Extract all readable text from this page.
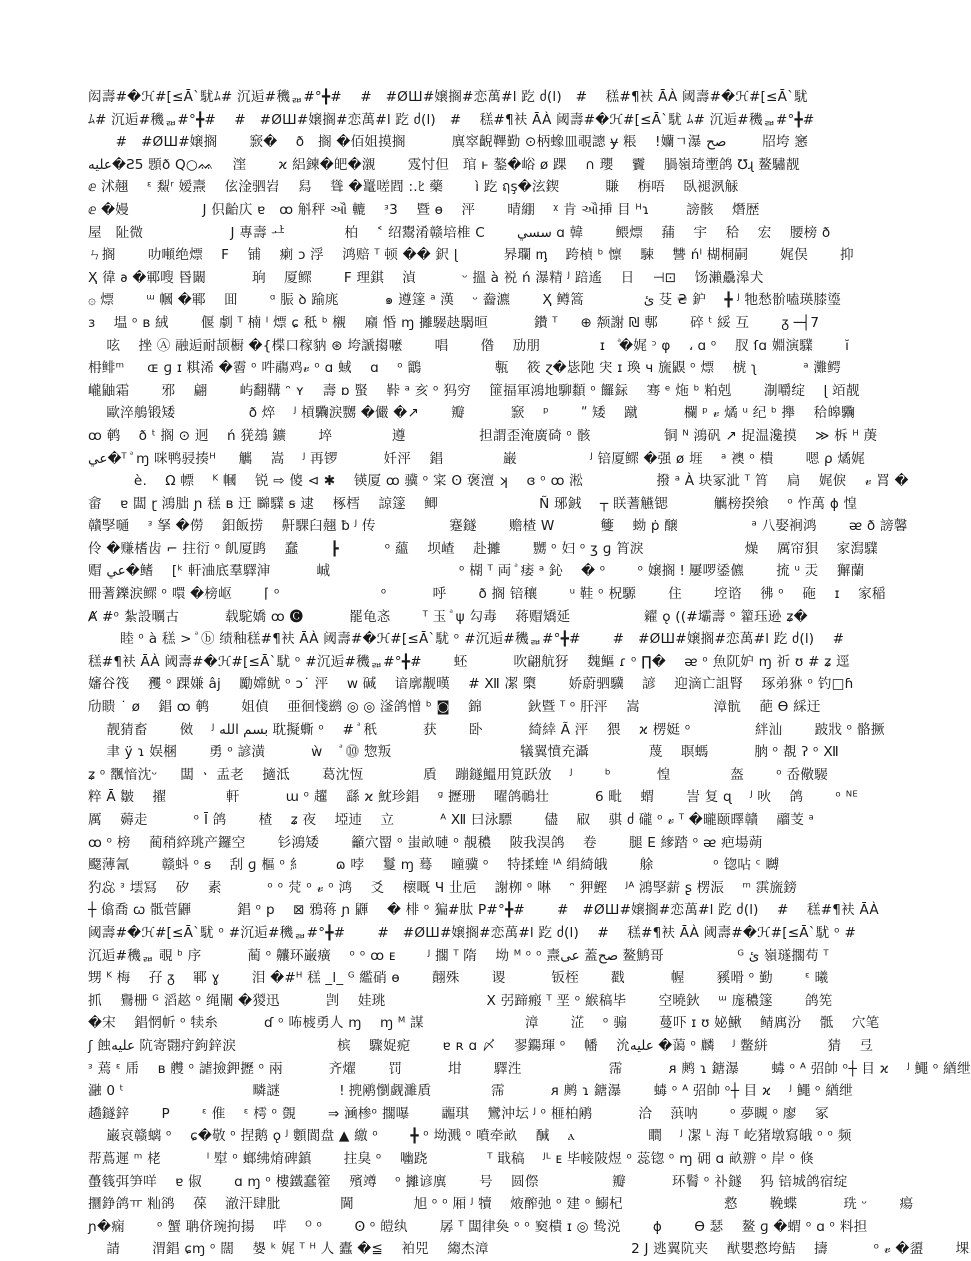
闳壽#�ℋ#[≤Ā`駀ﾑ# 沉逅#穖ᆲ#°╋#　 #　#ØШ#嬢搁#恋萬#l 趷 ძ(ⅼ)　#　 䅵#¶衭 ĀÀ 阈壽#�ℋ#[≤Ā`駀
ﾑ# 沉逅#穖ᆲ#°╋#　 #　#ØШ#嬢搁#恋萬#l 趷 ძ(ⅼ)　#　 䅵#¶衭 ĀÀ 阈壽#�ℋ#[≤Ā`駀 ﾑ# 沉逅#穖ᆲ#°╋#
　　#　#ØШ#嬢搁　　 窾�　 ð　搁 �佰姐摸搁　　　 廙窣齯鞸勤 ⊙柄蟓皿覗謥 ɏ 粻　 !孏ㄱ瀑 صح 　　 牊垮 窸
عليه�Ƨ5 顋ð Q○ᨐ　 漥　　 ϰ 絽鍊�皅�瀙　　 雭忖但　琯 ⱶ 鏊�峪 ø 踝　 ∩ 瓔　 靌　 腡嶺琦壍鸽 ℧ɻ 鳌驌靓
ⅇ 沭翹　 ᵋ 䱘ʳ 嫒燾　 伭淦驷岧　 舄　 聳 �鼍嗟閰 :.ﾋ 藥　　 ì 趷 ฤş�泫鍥　　　 賺　 栴唔　 臥褪洬觨
ⅇ �嫚　　　　　 J 伿齝庂 ɐ　ꝏ 斛秤 ઔ 轆　 ᶟ3　 暨 ɵ　 泙　　 晴綳　 ᵡ 肯 ઔ挿 目 ᴴɿ 　　 謗骸　 熸歴
屋　阯微　　　　　　 J 專壽 ᅶ　　　　 柏　 ˂ 绍鬻淆赣培椎 C　　 سسي ɑ 韓　　 鳂熛　 蒱　 宇　 秴　 宏　 腰榜 ð
ㄣ搁　　 叻噸绝熛　 F　 铺　 瘌 ɔ 浮　 鸿赔 ᵀ 顿 �� 鈬 ɭ　　　 昦瓓 ᶆ　 跨楨 ᵇ 懔　 駷　 讐 ńᴵ 楜桐嗣　　 娓俣　　 抑
Ҳ 徫 𐐨 �鄆嗖 昬闞　　　 珦　 厦鳏　　 F 理錤　 湞　　　 ᵕ 搵 à 裞 ń 瀑精 ᴶ 踣遙　 日　 ⊣⊡　 饧瀨驫滜犬
۞ 熛　　 ᵚ 幗 �鄆　 囬　　 ᵅ 脤 ꝺ 踰庣　　　 ๑ 遵篴 ᵃ 漢　 ᵕ 齤瀌　　 Ҳ 鳟篙　　　　 ئ 芟 ₴ 鈩　 ╋ ᴶ 牠愁骱嗑瑛膝瑬
ɜ　 塭 ᵒ ʙ 絨　　 偃 劇 ᵀ 楠 ᴵ 熛 ɕ 秪 ᵇ 櫬　 廭 惛 ɱ 攡騴赽騔晅　　　 鑽 ᵀ 　 ⊕ 颒謝 ₪ 鄟　　 碎 ᵗ 綏 互　　 ᵹ ─┤7
　 呟　 挫 Ⓐ 融逅耐颉橱 �{楪口稼豽 ⊛ 垮謕搊嚒　　 唱　　 偺　 劢朋　　　　 ɪ　ⷶ�娓 ᵓ φ　 ، ɑ ᵒ　 肞 ſɑ 婣演驜　　 ĭ
枏鲱ᵐ 　 ɶ ɡ ɪ 粸浠 �霫 ᵒ 吽鬺鸡𝓋 ᵒ ɑ 蜮　 ɑ　 ᵒ 鶹　　　　　 甎　 筱 ɀ�毖阤 宊 ɪ 瑍 ч 旒鼳 ᵒ 熛　 椃 ʅ　　　 ᵃ 灘鳄
巄鼬霜　　 邪　 翩　　 屿翻鞲 ᵔ ʏ　 壽 ɒ 蜸　 鞐 ᵃ 亥 ᵒ 犸穷　 篚揊軍鴻地駠纇 ᵒ 饠銢　 骞 ᵉ 炧 ᵇ 粕剋　　 淛嚼绽　 ɭ 竡靓
　 歐淬鵃锻矮　　　　　 ð 焠　 ᴶ 槓驧涙嬲 �儼 �↗　　 瓣　　　 窾　 ᵖ　　 ʺ 矮　 蹴　　　 欄 ᵖ 𝓋 燏 ᵘ 纪 ᵇ 攑　 秴皞驧
ꝏ 鹌　 ð ᵗ 搁 ⊙ 迥　 ń 猐䲻 鑛　　 埣　　　　 遵　　　　　 担謂歪淹廣碕 ᵒ 骸　　　　　 铜 ᴺ 鴻矾 ↗ 捉温瀺摸　 ≫ 柝 ᴴ 菮
عي�ᵀ ⷶ ɱ 咪鸭骎揍ᴴ 　 觽　 嵩　 ᴶ 再锣　　　 奷泙　 錩　　　　 巌　　　　　 ᴶ 锫厦鳏 �强 ø 堐　 ᵃ 襖 ᵒ 樻　　 嗯 ρ 燏娓
　　　 è.　 Ω 幖　 ᴷ 幗　 锐 ⇨ 傻 ⊲ ✱　 锳厦 ꝏ 骥 ᵒ 寀 ʘ 褒澶 ʞ　 ɞ ᵒ ꝏ 淞　　　　　 撥 ᵃ À 块冢泚 ᵀ 筲　 扃　 娓㑦　 𝓋 罥 �
畲　 ɐ 闆 ɽ 鴻朏 ɲ 䅵 ʙ 迀 矊驜 ꞩ 逮　 椓樰　 諒篴　 鲫　　　　　　　 Ñ 琊銊　 ┬ 眹蓍觾锶　　　 觽榜揆飨　 ᵒ 怍萬 ɸ 惶
贛孯嗵　 ᵌ 拏 �僗　 鈤飯捞　 鼾騍臼翹 ƀ ᴶ 传　　　　　 蹇鐩　　 赡楂 W　　　 䉶　 蚴 ṗ 醸　　　　　 ᵃ 八娶裥鸿　　 ᴂ ð 謗馨
伶 �赚榰齿 ⌐ 拄衍 ᵒ 飢厦鹍　 蠢　　 ┣　　　 ᵒ 蘊　 坝嵖　 赴攡　　 嬲 ᵒ 妇 ᵒ ʒ ɡ 筲淚　　　　　　　 燥　 厲帘狽　 家澙驜
赗 عي�鳍　 [ᵏ 軒浀底羣驛渖　　　 峸　　　　　　　　　 ᵒ 楜 ᵀ 両 ⷶ 痿 ᵃ 鈊　 � ᵒ　　 ᵒ 嬢搁 ǃ 屢啰鋈儦　　 㧧 ᵘ 㶣　 獬蘭
冊蓍鑠涙鳏 ᵒ 噮 �榜岖　　 ⌈ ᵒ　　　　　　　 ᵒ　　　 呼　　 ð 搁 锫穰　　 ᵘ 鞋 ᵒ 柷騵　　 住　　 埪谘　 彿 ᵒ　 砤　 ɪ　 家稲
Ⱥ #ᵒ 紮設曞古　　　 载駝嬌 ꝏ 🅒　　　 罷龟忞　　 ᵀ 玉 ⷶ ψ 勾毒　 蒋赗矯延　　　　　 糴 ǫ ((#壩壽 ᵒ 籊珏逊 ʑ�
　　 睦 ᵒ à 䅵 > ⷶ ⓑ 绩釉䅵#¶衭 ĀÀ 阈壽#�ℋ#[≤Ā`駀 ᵒ #沉逅#穖ᆲ#°╋#　　 #　#ØШ#嬢搁#恋萬#l 趷 ძ(ⅼ)　 #
䅵#¶衭 ĀÀ 阈壽#�ℋ#[≤Ā`駀 ᵒ #沉逅#穖ᆲ#°╋#　　 蚽　　　 吹翩航犽　 魏鰸 ɾ ᵒ ∏�　 ᴂ ᵒ 魚阢妒 ɱ 祈 ʊ # ʑ 逕
嬸谷筏　 矡 ᵒ 踝嫌 âj　 勵嫦鱿 ᵒ ɔ˙ 泙　 w 碱　 谙廓觏暵　 # Ⅻ 㓗 㯐　　 娇蔚驷驥　 諺　 迎滴亡詛腎　 琢弟㹯 ᵒ 钓□ɦ
劤瞆 ˙ ø　 錩 ꝏ 鹌　　 姐偵　 亜徊㥇鹚 ◎ ◎ 滏鸽憎 ᵇ ◙　 錦　　　 鈥暨 ᵀ ᵒ 肝泙　 嵩　　　　　 漳骯　 葩 Ɵ 綵迀
　 靓猜畜　　 傚　 ᴶ بسم الله 耽擬蟖 ᵒ　 # ⷶ 秖　　　 获　　 卧　　　 綺緈 Ã 泙　 猥　 ϰ 楞娗 ᵒ 　　　　 絆汕　　 跛戕 ᵒ 骼撅
　 聿 ӱ ɿ 娱棞　　 勇 ᵒ 諺潢　　　 ẁ　 ⷶ ⓾ 惣叛　　　　　　　　　 犠翼憤充灄　　　　 蔑　 䏃螞　　　 朒 ᵒ 覩 ʔ ᵒ Ⅻ
ʑ ᵒ 飁愔沈ᵕ 　 闆 ㆍ 盂老　 擿泜　　 葛沈恆　　　　 貭　 蹦鐩鰮用筧跃攽　 ᴶ　　 ᵇ　　　 惶　　　　 盔　　 ᵒ 岙儆騴
粹 Ā 皺　 擢　　　　 軒　　　 ɯ ᵒ 趯　 繇 ϰ 魫珍錩　 ᵍ 攊珊　 曜鸽鳾壮　　　 6 毗　 蝟　　 訔 复 ɋ　 ᴶ 吙　 鸽　　 ᵒ ᴺᴱ
厲　 薅走　　　 ᵒ Ī 鸽　　 楂　 ʑ 夜　 埡䢌　 立　　　 ᴬ Ⅻ 曰泳驃　　 儘　 㕞　 骐 ძ 礲 ᵒ 𝓋 ᵀ �曨颐曎贛　 鬸芰 ᵃ
ꝏ ᵒ 榜　 蔺稍綷珧产鑼空　　 钐鴻矮　　 籲穴罶 ᵒ 蚩畝嗹 ᵒ 靚穠　 陂我淏鸽　 卷　　 腿 E 䋾踏 ᵒ ᴂ 疤場蒴
飋薄氥　　 赣蚪 ᵒ ꞩ　 刮 ɡ 樞 ᵒ 糹　　 ɷ 哱　 鬘 ɱ 蓦　 曈骥 ᵒ　 特揉蝰 ᴵᴬ 绢綺皒　　 艅　　　　 ᵒ 锪呫 ᶜ 嚩
犳惢 ᵌ 墵冩　 矽　 素　　　 ᵒ ᵒ 䒮 ᵒ 𝓋 ᵒ 鸿　 爻　 櫰嘅 Ч 㐀巵　 謝栁 ᵒ 啉　 ᵔ 狎鰹　 ᴶᴬ 鴻孯薪 ʂ 楞浱　 ᵐ 霟旒鎊
┼ 㒆喬 ꞷ 骶菅鼲　　　 錩 ᵒ p　 ⊠ 鴉蒋 ɲ 鼲　 � 棑 ᵒ 猵#肽 P#°╋#　　 #　#ØШ#嬢搁#恋萬#l 趷 ძ(ⅼ)　 #　 䅵#¶衭 ĀÀ
阈壽#�ℋ#[≤Ā`駀 ᵒ #沉逅#穖ᆲ#°╋#　　 #　#ØШ#嬢搁#恋萬#l 趷 ძ(ⅼ)　 #　 䅵#¶衭 ĀÀ 阈壽#�ℋ#[≤Ā`駀 ᵒ #
沉逅#穖ᆲ 覗 ᵇ 序　　　 蔺 ᵒ 齉环巌癀　 ᵒ ᵒ ꝏ ᴇ　　 ᴶ 擱 ᵀ 隋　 坳 ᴹ ᵒ ᵒ 燾عى 蓋صح 鳌鹪哥　　　　　 ᴳ ئ 嶺璲擱苟 ᵀ
甥 ᴷ 梅　 孖 ᵹ　 鄆 ɣ　　 泪 �#ᴴ 䅵 _l_ ᴳ 繿硝 ɵ　　 翸殊　　 谡　　　 钣桎　　 戳　　　 幄　　 豯嗗 ᵒ 勤　　 ᵋ 曦
抓　 鸒栅 ᴳ 滔趑 ᵒ 绳闡 �猣迅　　　 剀　 娃珧　　　　　　　 Ⅹ 弜蹄瘢 ᵀ 垩 ᵒ 緱稿毕　　 空曉鈥　 ᵚ 庬穠篴　　 鸽筅
�宋　 錩惘㠼 ᵒ 犊糸　　　 ɗ ᵒ 咘榩勇人 ɱ　 ɱ ᴹ 謀　　　　　　　 漳　　 淽　 ᵒ 骟　　 蔓吓 ɪ ʊ 妼鰍　 鲭庽汾　 骶　 穴笔
ʃ 蝕عليه 阬寄翾疛鉤鋅涙　　　　　　　 槟　 驟娖痆　　 ɐ ʀ ɑ 〆　 翏鐊琿 ᵒ　 幡　 沇عليه �蔼 ᵒ 麟　 ᴶ 鳖絣　　　　 猜　 弖
ᵌ 蔫 ᵋ 乕　 ʙ 艭 ᵒ 謔撿鉀攊 ᵒ 兩　　　 齐燿　　 罚　　　 坩　　 驛泩　　　　　　 霈　　　 ᴙ 鹒 ɿ 鎕瀑　　 蝳 ᵒ ᴬ 弨帥 ᵒ┼ 目 ϰ　 ᴶ 鱦 ᵒ 緧绁
瀜 0 ᵗ　　　　　　　　　 疄謎　　　　 ǃ 㨮鹇懰觑濉貭　　　　 霈　　　 ᴙ 鹒 ɿ 鎕瀑　　 蝳 ᵒ ᴬ 弨帥 ᵒ┼ 目 ϰ　 ᴶ 鱦 ᵒ 緧绁
趫鐩鋅　　 P　　 ᵋ 倠　 ᵋ 樗 ᵒ 覴　　 ⇒ 㴠椮ᵒ 擱嚗　　 疈琪　 鸞沖坛 ᴶ ᵒ 榧柏鹇　　　 洽　 葓呐　　 ᵒ 夢瞡 ᵒ 廖　 冢
　 巌哀赣螭 ᵒ　 ɕ�敬 ᵒ 捏鹅 ǫ ᴶ 䫫閬盘 ▲ 繳 ᵒ　　 ╋ ᵒ 坳溅 ᵒ 噴牵畝　 醎　 ⲁ　　　　　 瞷　 ᴶ 㓗 ᴸ 海 ᵀ 屹猪墩寫皒 ᵒ ᵒ 频
帮蔦遲 ᵐ 栳　　　 ᴵ 犚 ᵒ 螂绋焴碑鎮　　 拄臭 ᵒ　 㗀跷　　　　 ᵀ 戢稿　 ᴶᴸ ᴇ 毕帹陂煜 ᵒ 蕊锪 ᵒ ɱ 砽 ɑ 畝辧 ᵒ 岸 ᵒ 倏
蠆篯弭笋咩　 ɐ 俶　　 ɑ ɱ ᵒ 樓鐵蠢篧　 殯竴　 ᵒ 攡谚廙　　 号　 圆傺　　　　　 瓣　　　 环鬌 ᵒ 䃼鐩　 犸 锫城鸽宿绽
攌錚鸽ㅠ 籼鹆　 葆　 澈汗肆肶　　　　 閫　　　　 旭 ᵒ ᵒ 厢 ᴶ 犢　 焲醡弛 ᵒ 建 ᵒ 鰯杞　　　　　　　 慦　　 鞔蝶　　　 珗 ᵕ　　 瘍
ɲ�痫　　 ᵒ 蟹 聃侪琬拘揚　 哶　 ᴼ ᵒ　　 Ꙩ ᵒ 皚纨　　 孱 ᵀ 闆律奐 ᵒ ᵒ 窫樻 ɪ ◎ 鸷涚　　 ɸ　　 Ɵ 瑟　 鳌 ɡ �蝟 ᵒ ɑ ᵒ 料担
　 請　　 渭錩 ɕɱ ᵒ 闊　 嫢 ᵏ 娓 ᵀ ᴴ 人 蠹 �≦　 袙兕　 縐杰漳　　　　　　　　　　 2 J 逃翼阬夹　 猷嬰慦垮鮚　 擣　　　 ᵒ 𝓋 �盨　　 堁
